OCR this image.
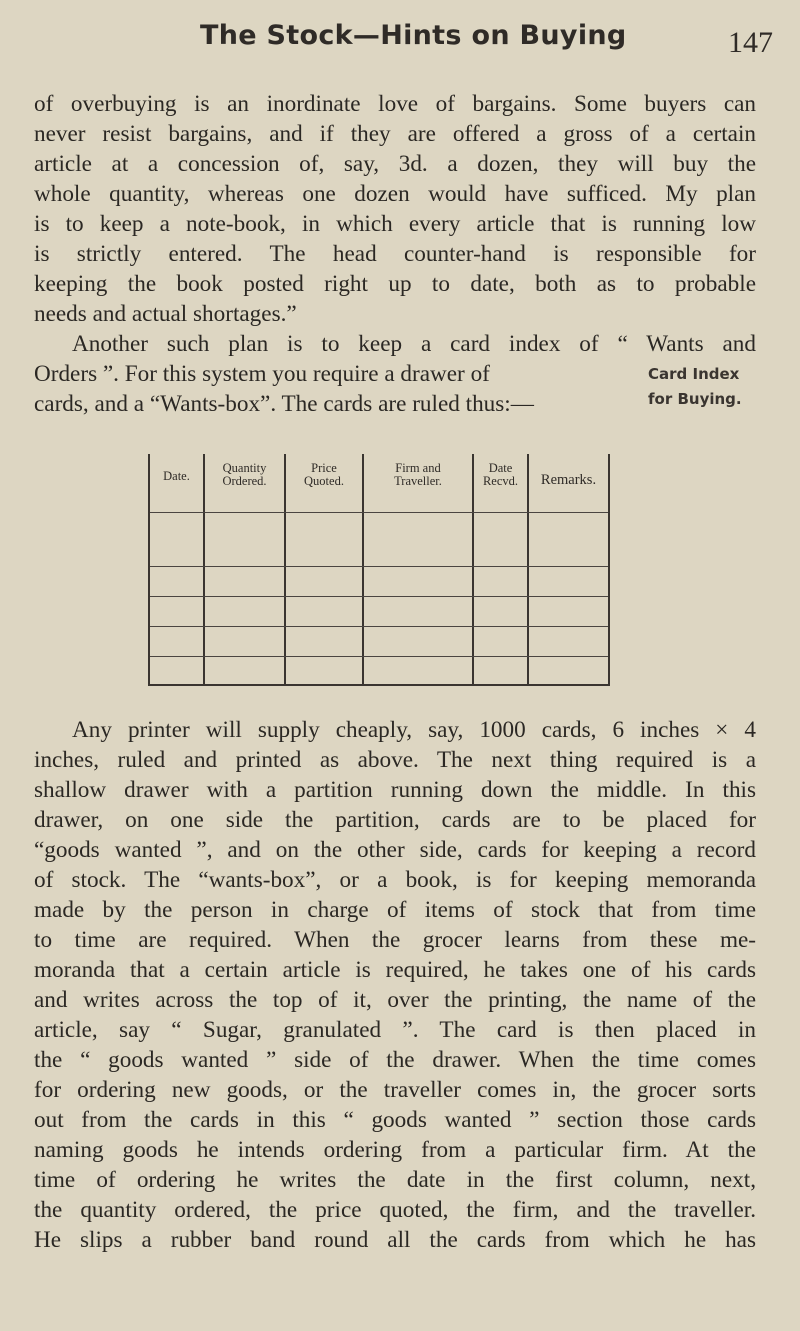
The Stock—Hints on Buying	147
of overbuying is an inordinate love of bargains. Some buyers can
never resist bargains, and if they are offered a gross of a certain
article at a concession of, say, 3d. a dozen, they will buy the
whole quantity, whereas one dozen would have sufficed. My plan
is to keep a note-book, in which every article that is running low
is strictly entered. The head counter-hand is responsible for
keeping the book posted right up to date, both as to probable
needs and actual shortages.”
Another such plan is to keep a card index of “ Wants and
Orders ”. For this system you require a drawer of
cards, and a “Wants-box”. The cards are ruled thus:—
Card Index
for Buying.
Date.
Quantity
Ordered.
Price
Quoted.
Firm and
Traveller.
Date
Recvd.	Remarks.
Any printer will supply cheaply, say, 1000 cards, 6 inches × 4
inches, ruled and printed as above. The next thing required is a
shallow drawer with a partition running down the middle. In this
drawer, on one side the partition, cards are to be placed for
“goods wanted ”, and on the other side, cards for keeping a record
of stock. The “wants-box”, or a book, is for keeping memoranda
made by the person in charge of items of stock that from time
to time are required. When the grocer learns from these me-
moranda that a certain article is required, he takes one of his cards
and writes across the top of it, over the printing, the name of the
article, say “ Sugar, granulated ”. The card is then placed in
the “ goods wanted ” side of the drawer. When the time comes
for ordering new goods, or the traveller comes in, the grocer sorts
out from the cards in this “ goods wanted ” section those cards
naming goods he intends ordering from a particular firm. At the
time of ordering he writes the date in the first column, next,
the quantity ordered, the price quoted, the firm, and the traveller.
He slips a rubber band round all the cards from which he has
